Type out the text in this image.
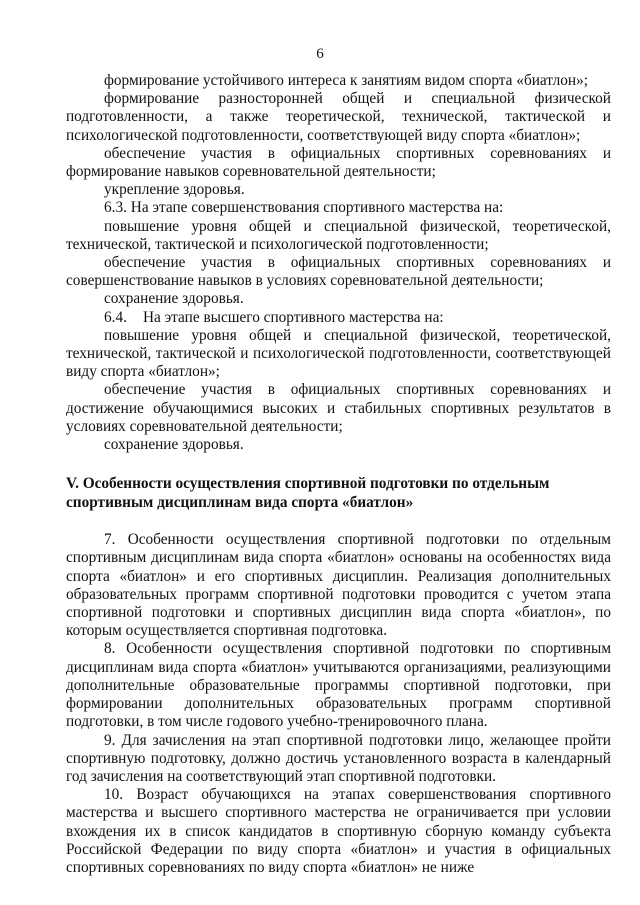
6

формирование устойчивого интереса к занятиям видом спорта «биатлон»;

формирование разносторонней общей и специальной физической подготовленности, а также теоретической, технической, тактической и психологической подготовленности, соответствующей виду спорта «биатлон»;

обеспечение участия в официальных спортивных соревнованиях и формирование навыков соревновательной деятельности;

укрепление здоровья.

6.3. На этапе совершенствования спортивного мастерства на:

повышение уровня общей и специальной физической, теоретической, технической, тактической и психологической подготовленности;

обеспечение участия в официальных спортивных соревнованиях и совершенствование навыков в условиях соревновательной деятельности;

сохранение здоровья.

6.4. На этапе высшего спортивного мастерства на:

повышение уровня общей и специальной физической, теоретической, технической, тактической и психологической подготовленности, соответствующей виду спорта «биатлон»;

обеспечение участия в официальных спортивных соревнованиях и достижение обучающимися высоких и стабильных спортивных результатов в условиях соревновательной деятельности;

сохранение здоровья.

V. Особенности осуществления спортивной подготовки по отдельным

спортивным дисциплинам вида спорта «биатлон»

7. Особенности осуществления спортивной подготовки по отдельным спортивным дисциплинам вида спорта «биатлон» основаны на особенностях вида спорта «биатлон» и его спортивных дисциплин. Реализация дополнительных образовательных программ спортивной подготовки проводится с учетом этапа спортивной подготовки и спортивных дисциплин вида спорта «биатлон», по которым осуществляется спортивная подготовка.

8. Особенности осуществления спортивной подготовки по спортивным дисциплинам вида спорта «биатлон» учитываются организациями, реализующими дополнительные образовательные программы спортивной подготовки, при формировании дополнительных образовательных программ спортивной подготовки, в том числе годового учебно-тренировочного плана.

9. Для зачисления на этап спортивной подготовки лицо, желающее пройти спортивную подготовку, должно достичь установленного возраста в календарный год зачисления на соответствующий этап спортивной подготовки.

10. Возраст обучающихся на этапах совершенствования спортивного мастерства и высшего спортивного мастерства не ограничивается при условии вхождения их в список кандидатов в спортивную сборную команду субъекта Российской Федерации по виду спорта «биатлон» и участия в официальных спортивных соревнованиях по виду спорта «биатлон» не ниже
